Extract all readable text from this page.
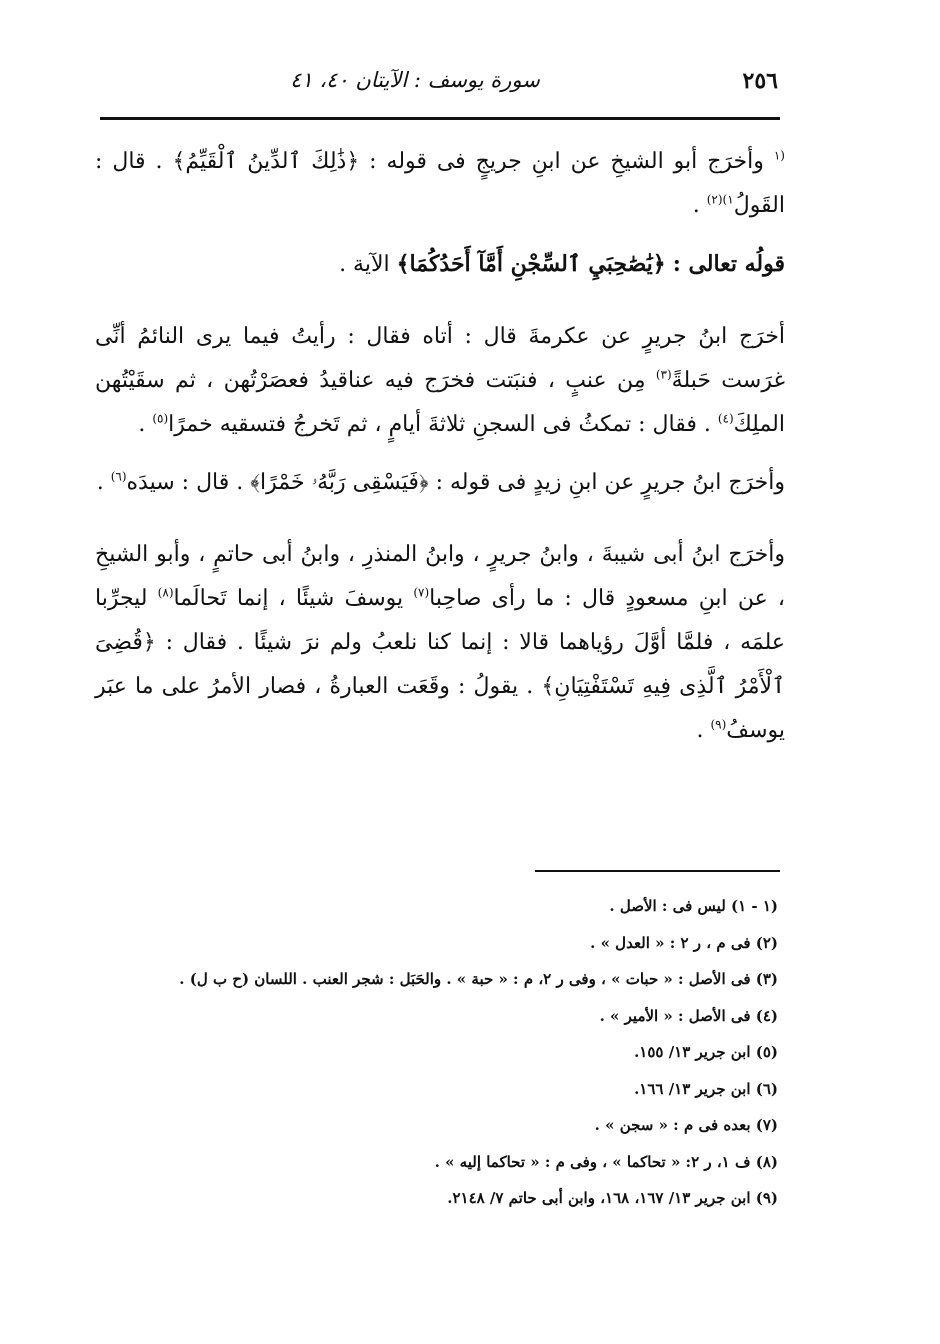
٢٥٦
سورة يوسف : الآيتان ٤٠، ٤١

$^{(١}$ وأخرَج أبو الشيخِ عن ابنِ جريجٍ فى قوله : ﴿ذَٰلِكَ ٱلدِّينُ ٱلْقَيِّمُ﴾ . قال : القَولُ$^{١)(٢)}$ .

قولُه تعالى : ﴿يَٰصَٰحِبَيِ ٱلسِّجْنِ أَمَّآ أَحَدُكُمَا﴾ الآية .

أخرَج ابنُ جريرٍ عن عكرمةَ قال : أتاه فقال : رأيتُ فيما يرى النائمُ أنِّى غرَست حَبلةً$^{(٣)}$ مِن عنبٍ ، فنبَتت فخرَج فيه عناقيدُ فعصَرْتُهن ، ثم سقَيْتُهن الملِكَ$^{(٤)}$ . فقال : تمكثُ فى السجنِ ثلاثةَ أيامٍ ، ثم تَخرجُ فتسقيه خمرًا$^{(٥)}$ .

وأخرَج ابنُ جريرٍ عن ابنِ زيدٍ فى قوله : ﴿فَيَسْقِى رَبَّهُۥ خَمْرًا﴾ . قال : سيدَه$^{(٦)}$ .

وأخرَج ابنُ أبى شيبةَ ، وابنُ جريرٍ ، وابنُ المنذرِ ، وابنُ أبى حاتمٍ ، وأبو الشيخِ ، عن ابنِ مسعودٍ قال : ما رأى صاحِبا$^{(٧)}$ يوسفَ شيئًا ، إنما تَحالَما$^{(٨)}$ ليجرِّبا علمَه ، فلمَّا أوَّلَ رؤياهما قالا : إنما كنا نلعبُ ولم نرَ شيئًا . فقال : ﴿قُضِىَ ٱلْأَمْرُ ٱلَّذِى فِيهِ تَسْتَفْتِيَانِ﴾ . يقولُ : وقَعَت العبارةُ ، فصار الأمرُ على ما عبَر يوسفُ$^{(٩)}$ .

(١ - ١) ليس فى : الأصل .
(٢) فى م ، ر ٢ : « العدل » .
(٣) فى الأصل : « حبات » ، وفى ر ٢، م : « حبة » . والحَبَل : شجر العنب . اللسان (ح ب ل) .
(٤) فى الأصل : « الأمير » .
(٥) ابن جرير ١٣/ ١٥٥.
(٦) ابن جرير ١٣/ ١٦٦.
(٧) بعده فى م : « سجن » .
(٨) ف ١، ر ٢: « تحاكما » ، وفى م : « تحاكما إليه » .
(٩) ابن جرير ١٣/ ١٦٧، ١٦٨، وابن أبى حاتم ٧/ ٢١٤٨.
